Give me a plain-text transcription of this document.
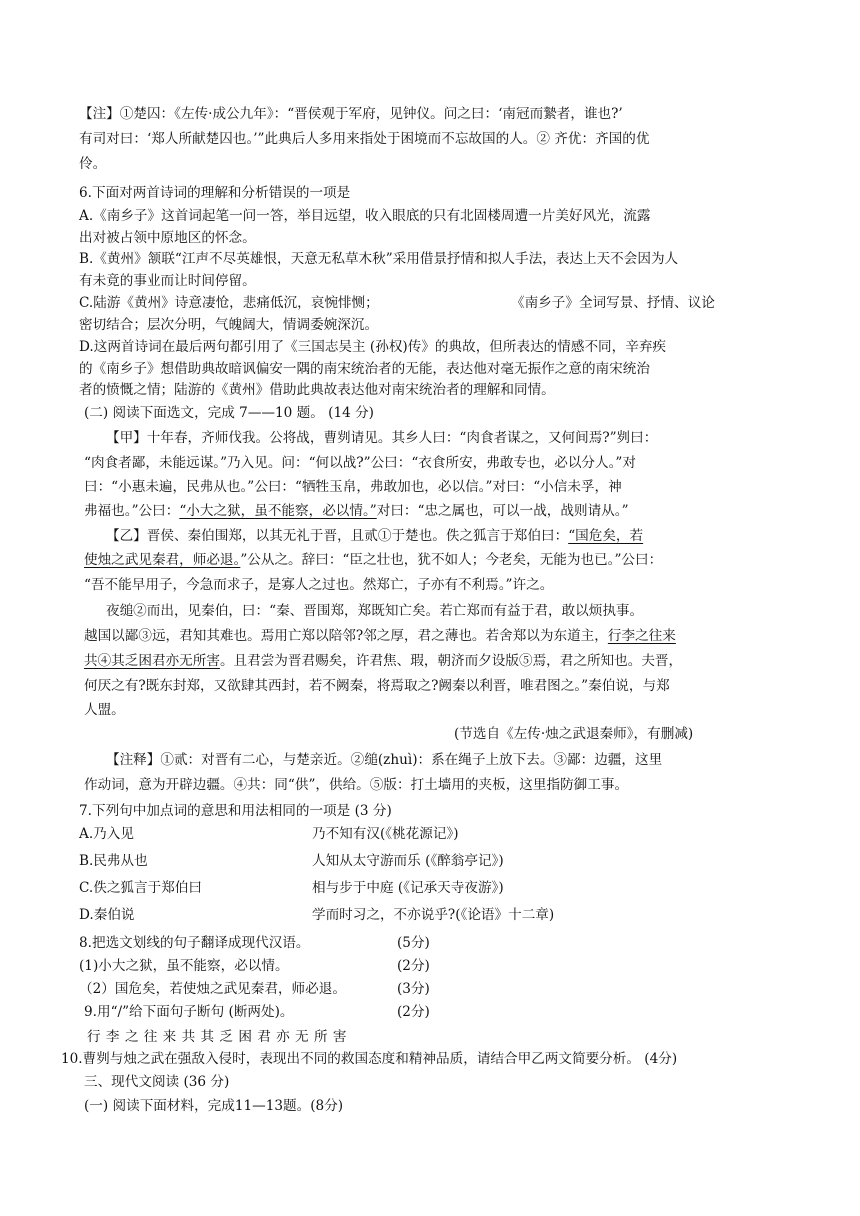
【注】①楚囚：《左传·成公九年》：“晋侯观于军府，见钟仪。问之曰：‘南冠而縶者，谁也?’
有司对曰：‘郑人所献楚囚也。’”此典后人多用来指处于困境而不忘故国的人。② 齐优：齐国的优
伶。
6.下面对两首诗词的理解和分析错误的一项是
A.《南乡子》这首词起笔一问一答，举目远望，收入眼底的只有北固楼周遭一片美好风光，流露
出对被占领中原地区的怀念。
B.《黄州》颔联“江声不尽英雄恨，天意无私草木秋”采用借景抒情和拟人手法，表达上天不会因为人
有未竟的事业而让时间停留。
C.陆游《黄州》诗意凄怆，悲痛低沉，哀惋悱恻；	《南乡子》全词写景、抒情、议论
密切结合；层次分明，气魄阔大，情调委婉深沉。
D.这两首诗词在最后两句都引用了《三国志吴主 (孙权)传》的典故，但所表达的情感不同，辛弃疾
的《南乡子》想借助典故暗讽偏安一隅的南宋统治者的无能，表达他对毫无振作之意的南宋统治
者的愤慨之情；陆游的《黄州》借助此典故表达他对南宋统治者的理解和同情。
(二) 阅读下面选文，完成 7——10 题。 (14 分)
【甲】十年春，齐师伐我。公将战，曹刿请见。其乡人曰：“肉食者谋之，又何间焉?”刿曰：
“肉食者鄙，未能远谋。”乃入见。问：“何以战?”公曰：“衣食所安，弗敢专也，必以分人。”对
曰：“小惠未遍，民弗从也。”公曰：“牺牲玉帛，弗敢加也，必以信。”对曰：“小信未孚，神
弗福也。”公曰：“小大之狱，虽不能察，必以情。”对曰：“忠之属也，可以一战，战则请从。”
【乙】晋侯、秦伯围郑，以其无礼于晋，且贰①于楚也。佚之狐言于郑伯曰：“国危矣，若
使烛之武见秦君，师必退。”公从之。辞曰：“臣之壮也，犹不如人；今老矣，无能为也已。”公曰：
“吾不能早用子，今急而求子，是寡人之过也。然郑亡，子亦有不利焉。”许之。
夜缒②而出，见秦伯，曰：“秦、晋围郑，郑既知亡矣。若亡郑而有益于君，敢以烦执事。
越国以鄙③远，君知其难也。焉用亡郑以陪邻?邻之厚，君之薄也。若舍郑以为东道主，行李之往来
共④其乏困君亦无所害。且君尝为晋君赐矣，许君焦、瑕，朝济而夕设版⑤焉，君之所知也。夫晋，
何厌之有?既东封郑，又欲肆其西封，若不阙秦，将焉取之?阙秦以利晋，唯君图之。”秦伯说，与郑
人盟。
(节选自《左传·烛之武退秦师》，有删减)
【注释】①贰：对晋有二心，与楚亲近。②缒(zhuì)：系在绳子上放下去。③鄙：边疆，这里
作动词，意为开辟边疆。④共：同“供”，供给。⑤版：打土墙用的夹板，这里指防御工事。
7.下列句中加点词的意思和用法相同的一项是 (3 分)
A.乃入见	乃不知有汉(《桃花源记》)
B.民弗从也	人知从太守游而乐 (《醉翁亭记》)
C.佚之狐言于郑伯曰	相与步于中庭 (《记承天寺夜游》)
D.秦伯说	学而时习之，不亦说乎?(《论语》十二章)
8.把选文划线的句子翻译成现代汉语。	(5分)
(1)小大之狱，虽不能察，必以情。	(2分)
（2）国危矣，若使烛之武见秦君，师必退。	(3分)
9.用“/”给下面句子断句 (断两处)。	(2分)
行 李 之 往 来 共 其 乏 困 君 亦 无 所 害
10.曹刿与烛之武在强敌入侵时，表现出不同的救国态度和精神品质，请结合甲乙两文简要分析。 (4分)
三、现代文阅读 (36 分)
(一) 阅读下面材料，完成11—13题。(8分)
